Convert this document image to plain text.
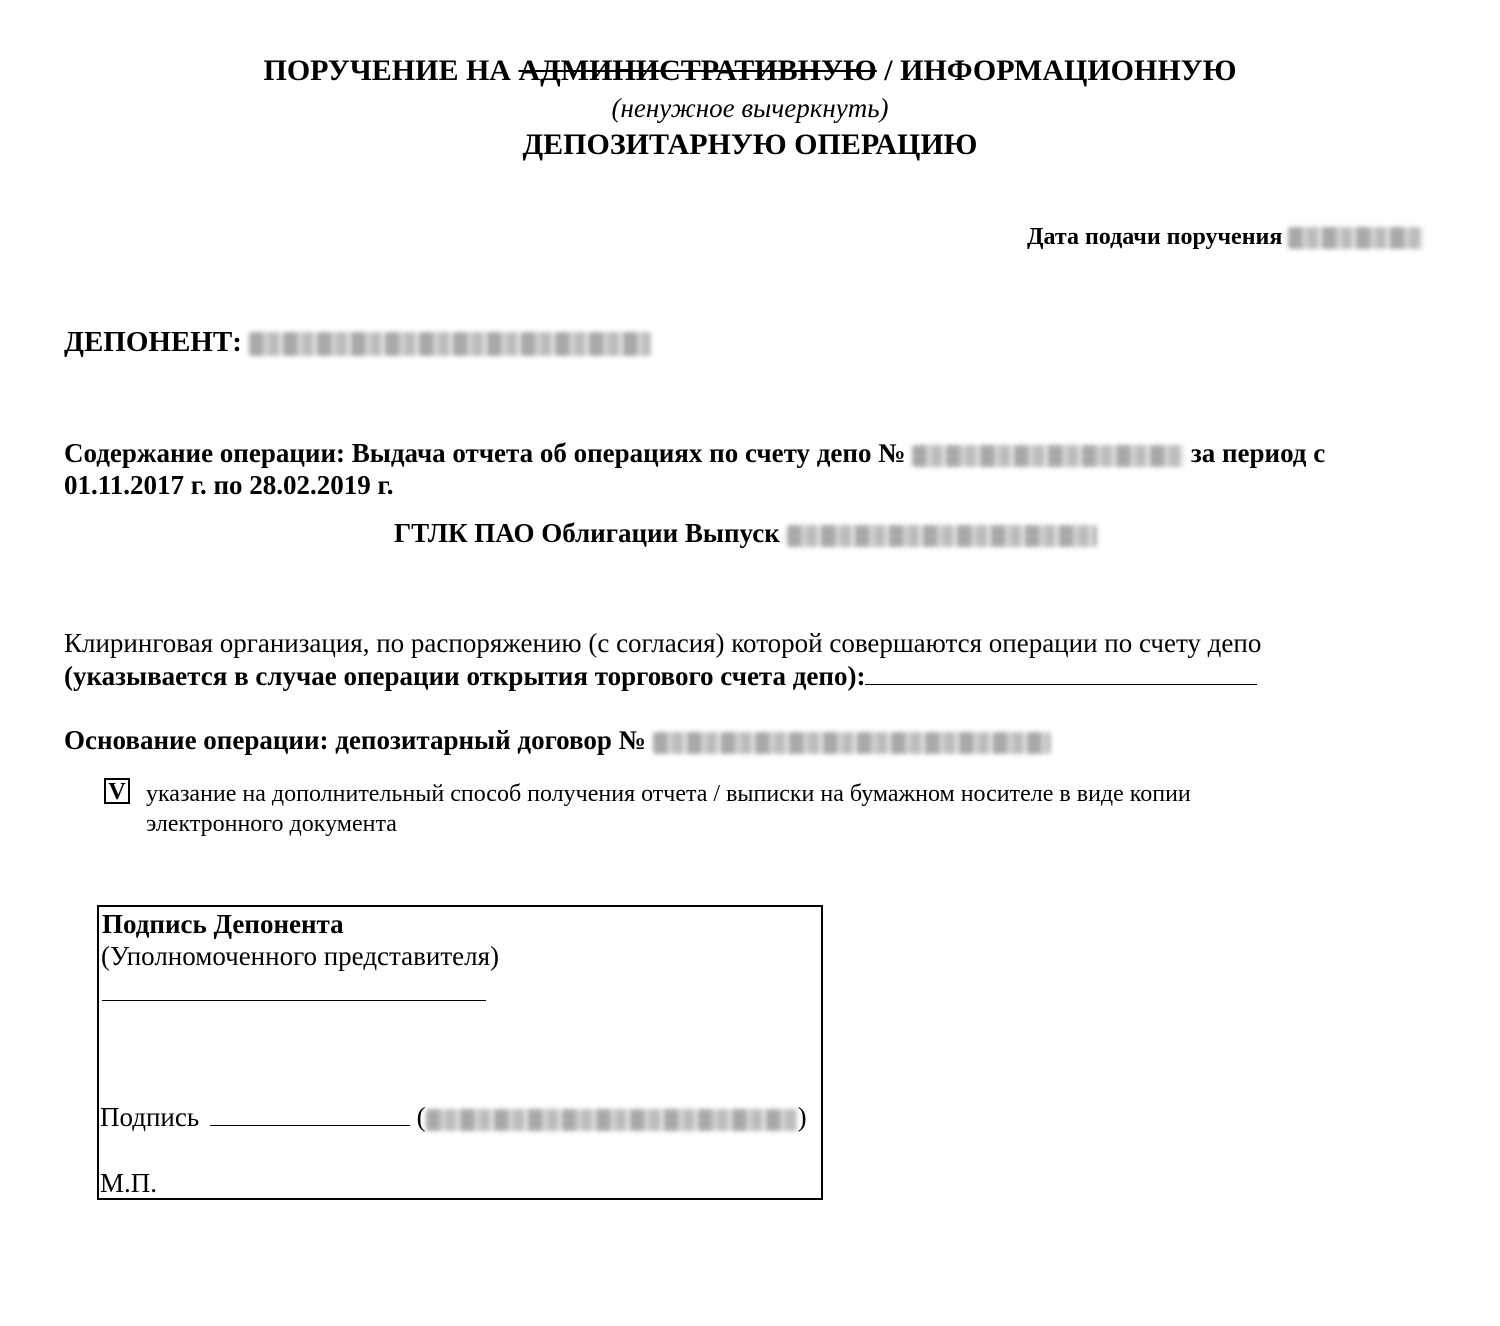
ПОРУЧЕНИЕ НА АДМИНИСТРАТИВНУЮ / ИНФОРМАЦИОННУЮ
(ненужное вычеркнуть)
ДЕПОЗИТАРНУЮ ОПЕРАЦИЮ
Дата подачи поручения
ДЕПОНЕНТ:
Содержание операции: Выдача отчета об операциях по счету депо №	за период с
01.11.2017 г. по 28.02.2019 г.
ГТЛК ПАО Облигации Выпуск
Клиринговая организация, по распоряжению (с согласия) которой совершаются операции по счету депо
(указывается в случае операции открытия торгового счета депо):
Основание операции: депозитарный договор №
V указание на дополнительный способ получения отчета / выписки на бумажном носителе в виде копии
электронного документа
Подпись Депонента
(Уполномоченного представителя)
Подпись	(	)
М.П.
